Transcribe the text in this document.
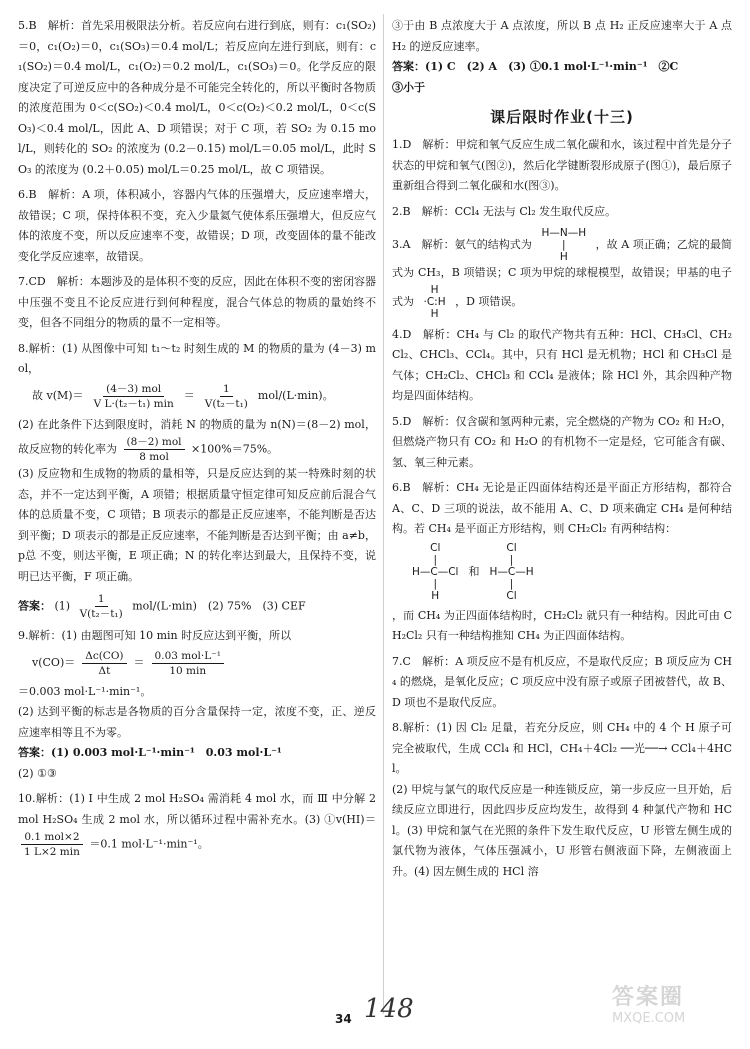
5.B　解析：首先采用极限法分析。若反应向右进行到底，则有：c₁(SO₂)＝0，c₁(O₂)＝0，c₁(SO₃)＝0.4 mol/L；若反应向左进行到底，则有：c₁(SO₂)＝0.4 mol/L，c₁(O₂)＝0.2 mol/L，c₁(SO₃)＝0。化学反应的限度决定了可逆反应中的各种成分是不可能完全转化的，所以平衡时各物质的浓度范围为 0＜c(SO₂)＜0.4 mol/L，0＜c(O₂)＜0.2 mol/L，0＜c(SO₃)＜0.4 mol/L，因此 A、D 项错误；对于 C 项，若 SO₂ 为 0.15 mol/L，则转化的 SO₂ 的浓度为 (0.2－0.15) mol/L＝0.05 mol/L，此时 SO₃ 的浓度为 (0.2＋0.05) mol/L＝0.25 mol/L，故 C 项错误。

6.B　解析：A 项，体积减小，容器内气体的压强增大，反应速率增大，故错误；C 项，保持体积不变，充入少量氦气使体系压强增大，但反应气体的浓度不变，所以反应速率不变，故错误；D 项，改变固体的量不能改变化学反应速率，故错误。

7.CD　解析：本题涉及的是体积不变的反应，因此在体积不变的密闭容器中压强不变且不论反应进行到何种程度，混合气体总的物质的量始终不变，但各不同组分的物质的量不一定相等。

8.解析：(1) 从图像中可知 t₁～t₂ 时刻生成的 M 的物质的量为 (4－3) mol，

故 $v(M)= \frac{\text{(4－3) mol}}{\text{V L·(t₂－t₁) min}} = \frac{1}{\text{V(t₂－t₁)}} mol/(L\cdot\min)$。

(2) 在此条件下达到限度时，消耗 N 的物质的量为 n(N)＝(8－2) mol，故反应物的转化率为 $\frac{\text{(8－2) mol}}{\text{8 mol}} \times 100\%=75\%$。

(3) 反应物和生成物的物质的量相等，只是反应达到的某一特殊时刻的状态，并不一定达到平衡，A 项错；根据质量守恒定律可知反应前后混合气体的总质量不变，C 项错；B 项表示的都是正反应速率，不能判断是否达到平衡；D 项表示的都是正反应速率，不能判断是否达到平衡；由 a≠b，p总 不变，则达平衡，E 项正确；N 的转化率达到最大，且保持不变，说明已达平衡，F 项正确。

答案： $(1) \frac{1}{\text{V(t₂－t₁)}} mol/(L\cdot\min)$　(2) 75%　(3) CEF

9.解析：(1) 由题图可知 10 min 时反应达到平衡，所以

$v(CO)= \frac{\Delta c(CO)}{\Delta t} = \frac{\text{0.03 mol·L⁻¹}}{10 \min}$

＝0.003 mol·L⁻¹·min⁻¹。

(2) 达到平衡的标志是各物质的百分含量保持一定，浓度不变，正、逆反应速率相等且不为零。

答案：(1) 0.003 mol·L⁻¹·min⁻¹　0.03 mol·L⁻¹

(2) ①③

10.解析：(1) Ⅰ 中生成 2 mol H₂SO₄ 需消耗 4 mol 水，而 Ⅲ 中分解 2 mol H₂SO₄ 生成 2 mol 水，所以循环过程中需补充水。(3) ①v(HI)＝
$\frac{\text{0.1 mol×2}}{1 L\times 2 \min} =0.1$ mol·L⁻¹·min⁻¹。

③于由 B 点浓度大于 A 点浓度，所以 B 点 H₂ 正反应速率大于 A 点 H₂ 的逆反应速率。

答案：(1) C　(2) A　(3) ①0.1 mol·L⁻¹·min⁻¹　②C

③小于

课后限时作业(十三)

1.D　解析：甲烷和氧气反应生成二氧化碳和水，该过程中首先是分子状态的甲烷和氧气(图②)，然后化学键断裂形成原子(图①)，最后原子重新组合得到二氧化碳和水(图③)。

2.B　解析：CCl₄ 无法与 Cl₂ 发生取代反应。

3.A　解析：氨气的结构式为
H—N—H
|
H
，故 A 项正确；乙烷的最简式为 CH₃，B 项错误；C 项为甲烷的球棍模型，故错误；甲基的电子式为
H
·C:H
H
，D 项错误。

4.D　解析：CH₄ 与 Cl₂ 的取代产物共有五种：HCl、CH₃Cl、CH₂Cl₂、CHCl₃、CCl₄。其中，只有 HCl 是无机物；HCl 和 CH₃Cl 是气体；CH₂Cl₂、CHCl₃ 和 CCl₄ 是液体；除 HCl 外，其余四种产物均是四面体结构。

5.D　解析：仅含碳和氢两种元素，完全燃烧的产物为 CO₂ 和 H₂O，但燃烧产物只有 CO₂ 和 H₂O 的有机物不一定是烃，它可能含有碳、氢、氧三种元素。

6.B　解析：CH₄ 无论是正四面体结构还是平面正方形结构，都符合 A、C、D 三项的说法，故不能用 A、C、D 项来确定 CH₄ 是何种结构。若 CH₄ 是平面正方形结构，则 CH₂Cl₂ 有两种结构：

Cl
|
H—C—Cl
|
H
和
Cl
|
H—C—H
|
Cl

，而 CH₄ 为正四面体结构时，CH₂Cl₂ 就只有一种结构。因此可由 CH₂Cl₂ 只有一种结构推知 CH₄ 为正四面体结构。

7.C　解析：A 项反应不是有机反应，不是取代反应；B 项反应为 CH₄ 的燃烧，是氧化反应；C 项反应中没有原子或原子团被替代，故 B、D 项也不是取代反应。

8.解析：(1) 因 Cl₂ 足量，若充分反应，则 CH₄ 中的 4 个 H 原子可完全被取代，生成 CCl₄ 和 HCl，CH₄＋4Cl₂ ──光──→ CCl₄＋4HCl。

(2) 甲烷与氯气的取代反应是一种连锁反应，第一步反应一旦开始，后续反应立即进行，因此四步反应均发生，故得到 4 种氯代产物和 HCl。(3) 甲烷和氯气在光照的条件下发生取代反应，U 形管左侧生成的氯代物为液体，气体压强减小，U 形管右侧液面下降，左侧液面上升。(4) 因左侧生成的 HCl 溶

34 148	答案圈
MXQE.COM
